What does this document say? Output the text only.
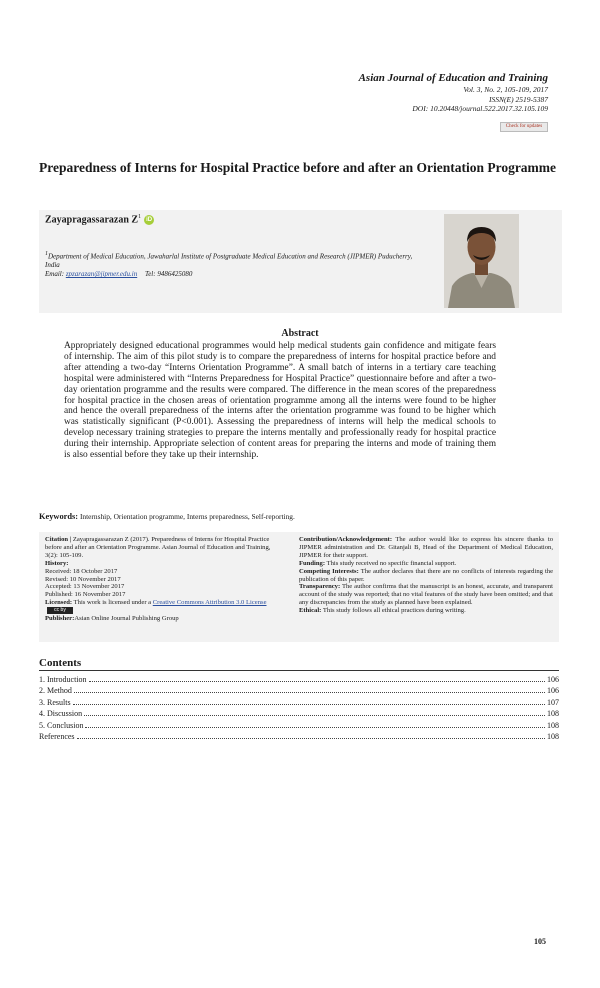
Asian Journal of Education and Training
Vol. 3, No. 2, 105-109, 2017
ISSN(E) 2519-5387
DOI: 10.20448/journal.522.2017.32.105.109
Check for updates
Preparedness of Interns for Hospital Practice before and after an Orientation Programme
Zayapragassarazan $Z^1iD$
1Department of Medical Education, Jawaharlal Institute of Postgraduate Medical Education and Research (JIPMER) Puducherry, India
Email: zpzarazan@jipmer.edu.in Tel: 9486425080
Abstract
Appropriately designed educational programmes would help medical students gain confidence and mitigate fears of internship. The aim of this pilot study is to compare the preparedness of interns for hospital practice before and after attending a two-day “Interns Orientation Programme”. A small batch of interns in a tertiary care teaching hospital were administered with “Interns Preparedness for Hospital Practice” questionnaire before and after a two-day orientation programme and the results were compared. The difference in the mean scores of the preparedness for hospital practice in the chosen areas of orientation programme among all the interns were found to be higher and hence the overall preparedness of the interns after the orientation programme was found to be higher which was statistically significant (P<0.001). Assessing the preparedness of interns will help the medical schools to develop necessary training strategies to prepare the interns mentally and professionally ready for hospital practice during their internship. Appropriate selection of content areas for preparing the interns and mode of training them is also essential before they take up their internship.
Keywords: Internship, Orientation programme, Interns preparedness, Self-reporting.
Citation | Zayapragassarazan Z (2017). Preparedness of Interns for Hospital Practice before and after an Orientation Programme. Asian Journal of Education and Training, 3(2): 105-109.
History:
Received: 18 October 2017
Revised: 10 November 2017
Accepted: 13 November 2017
Published: 16 November 2017
Licensed: This work is licensed under a Creative Commons Attribution 3.0 Licensecc by
Publisher:Asian Online Journal Publishing Group
Contribution/Acknowledgement: The author would like to express his sincere thanks to JIPMER administration and Dr. Gitanjali B, Head of the Department of Medical Education, JIPMER for their support.
Funding: This study received no specific financial support.
Competing Interests: The author declares that there are no conflicts of interests regarding the publication of this paper.
Transparency: The author confirms that the manuscript is an honest, accurate, and transparent account of the study was reported; that no vital features of the study have been omitted; and that any discrepancies from the study as planned have been explained.
Ethical: This study follows all ethical practices during writing.
Contents
1. Introduction	106
2. Method	106
3. Results	107
4. Discussion	108
5. Conclusion	108
References	108
105
